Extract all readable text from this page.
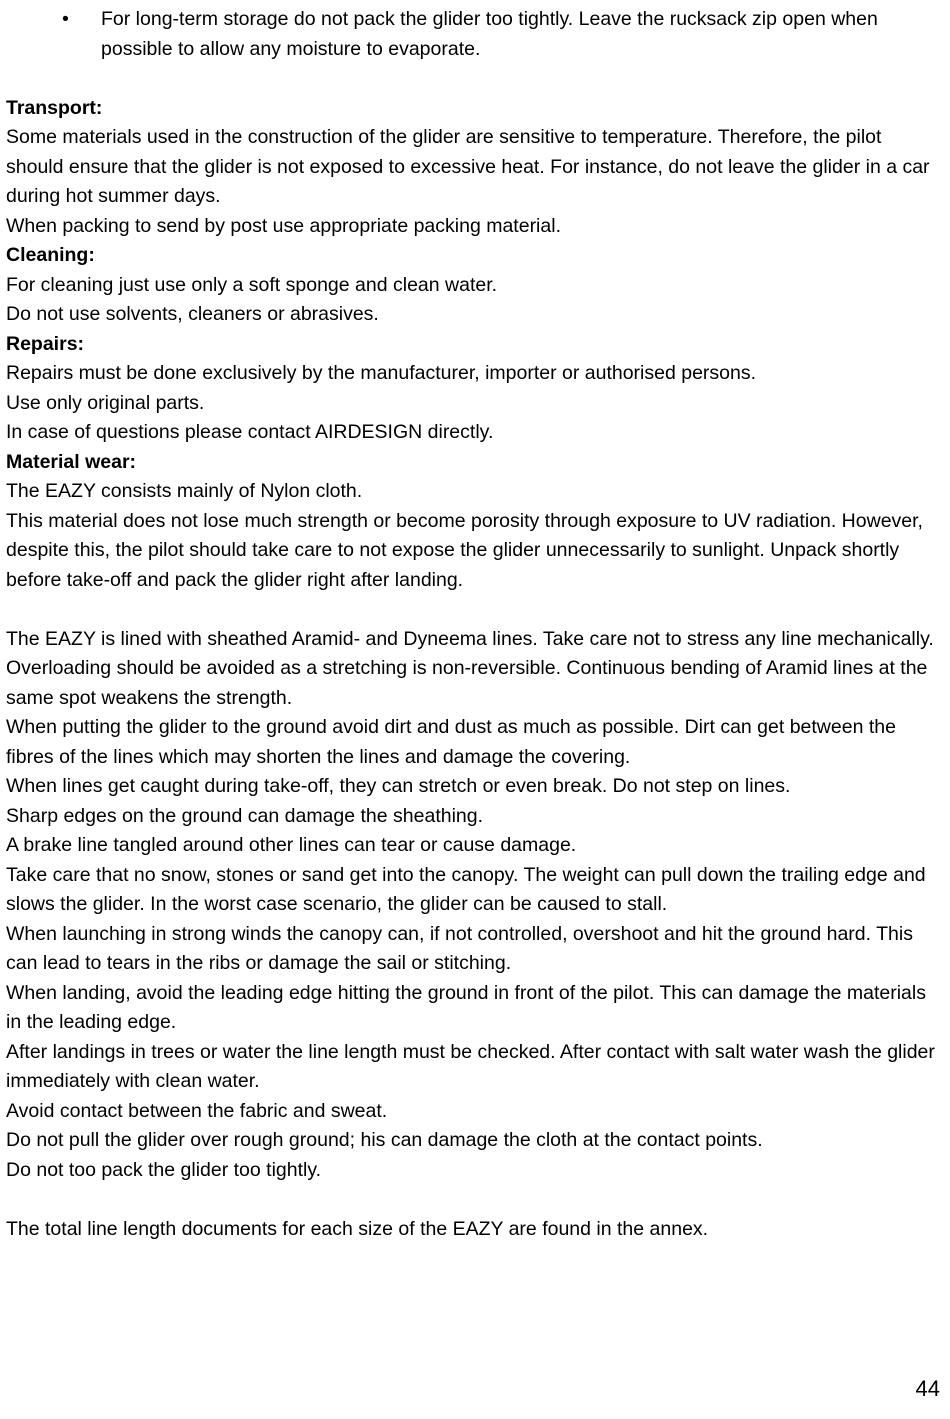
• For long-term storage do not pack the glider too tightly. Leave the rucksack zip open when possible to allow any moisture to evaporate.
Transport:

Some materials used in the construction of the glider are sensitive to temperature. Therefore, the pilot should ensure that the glider is not exposed to excessive heat. For instance, do not leave the glider in a car during hot summer days.

When packing to send by post use appropriate packing material.

Cleaning:

For cleaning just use only a soft sponge and clean water.

Do not use solvents, cleaners or abrasives.

Repairs:

Repairs must be done exclusively by the manufacturer, importer or authorised persons.

Use only original parts.

In case of questions please contact AIRDESIGN directly.

Material wear:

The EAZY consists mainly of Nylon cloth.

This material does not lose much strength or become porosity through exposure to UV radiation. However, despite this, the pilot should take care to not expose the glider unnecessarily to sunlight. Unpack shortly before take-off and pack the glider right after landing.

The EAZY is lined with sheathed Aramid- and Dyneema lines. Take care not to stress any line mechanically. Overloading should be avoided as a stretching is non-reversible. Continuous bending of Aramid lines at the same spot weakens the strength.

When putting the glider to the ground avoid dirt and dust as much as possible. Dirt can get between the fibres of the lines which may shorten the lines and damage the covering.

When lines get caught during take-off, they can stretch or even break. Do not step on lines.

Sharp edges on the ground can damage the sheathing.

A brake line tangled around other lines can tear or cause damage.

Take care that no snow, stones or sand get into the canopy. The weight can pull down the trailing edge and slows the glider. In the worst case scenario, the glider can be caused to stall.

When launching in strong winds the canopy can, if not controlled, overshoot and hit the ground hard. This can lead to tears in the ribs or damage the sail or stitching.

When landing, avoid the leading edge hitting the ground in front of the pilot. This can damage the materials in the leading edge.

After landings in trees or water the line length must be checked. After contact with salt water wash the glider immediately with clean water.

Avoid contact between the fabric and sweat.

Do not pull the glider over rough ground; his can damage the cloth at the contact points.

Do not too pack the glider too tightly.

The total line length documents for each size of the EAZY are found in the annex.

44
